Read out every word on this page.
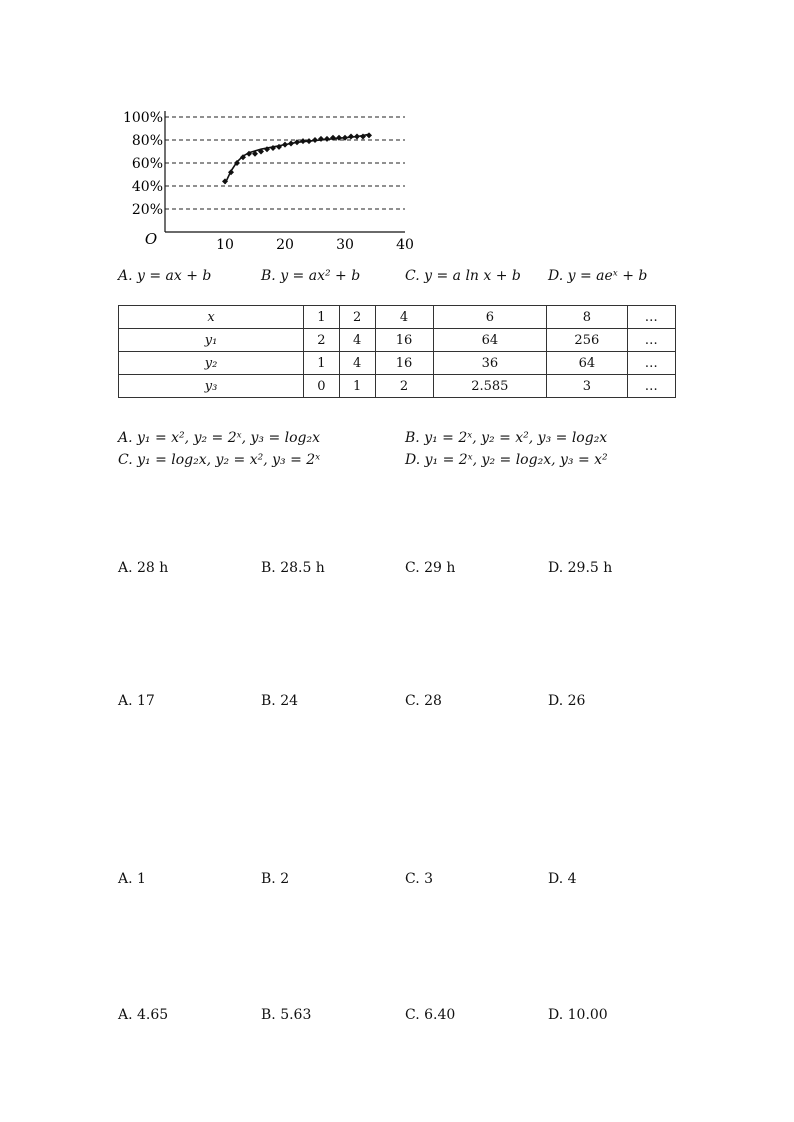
20%
40%
60%
80%
100%
10	20	30	40
O
A. y = ax + b	B. y = ax² + b	C. y = a ln x + b D. y = aeˣ + b
x	1	2	4	6	8	…
y₁	2	4	16	64	256	…
y₂	1	4	16	36	64	…
y₃	0	1	2	2.585	3	…
A. y₁ = x², y₂ = 2ˣ, y₃ = log₂x	B. y₁ = 2ˣ, y₂ = x², y₃ = log₂x
C. y₁ = log₂x, y₂ = x², y₃ = 2ˣ	D. y₁ = 2ˣ, y₂ = log₂x, y₃ = x²
A. 28 h	B. 28.5 h	C. 29 h	D. 29.5 h
A. 17	B. 24	C. 28	D. 26
A. 1	B. 2	C. 3	D. 4
A. 4.65	B. 5.63	C. 6.40	D. 10.00
